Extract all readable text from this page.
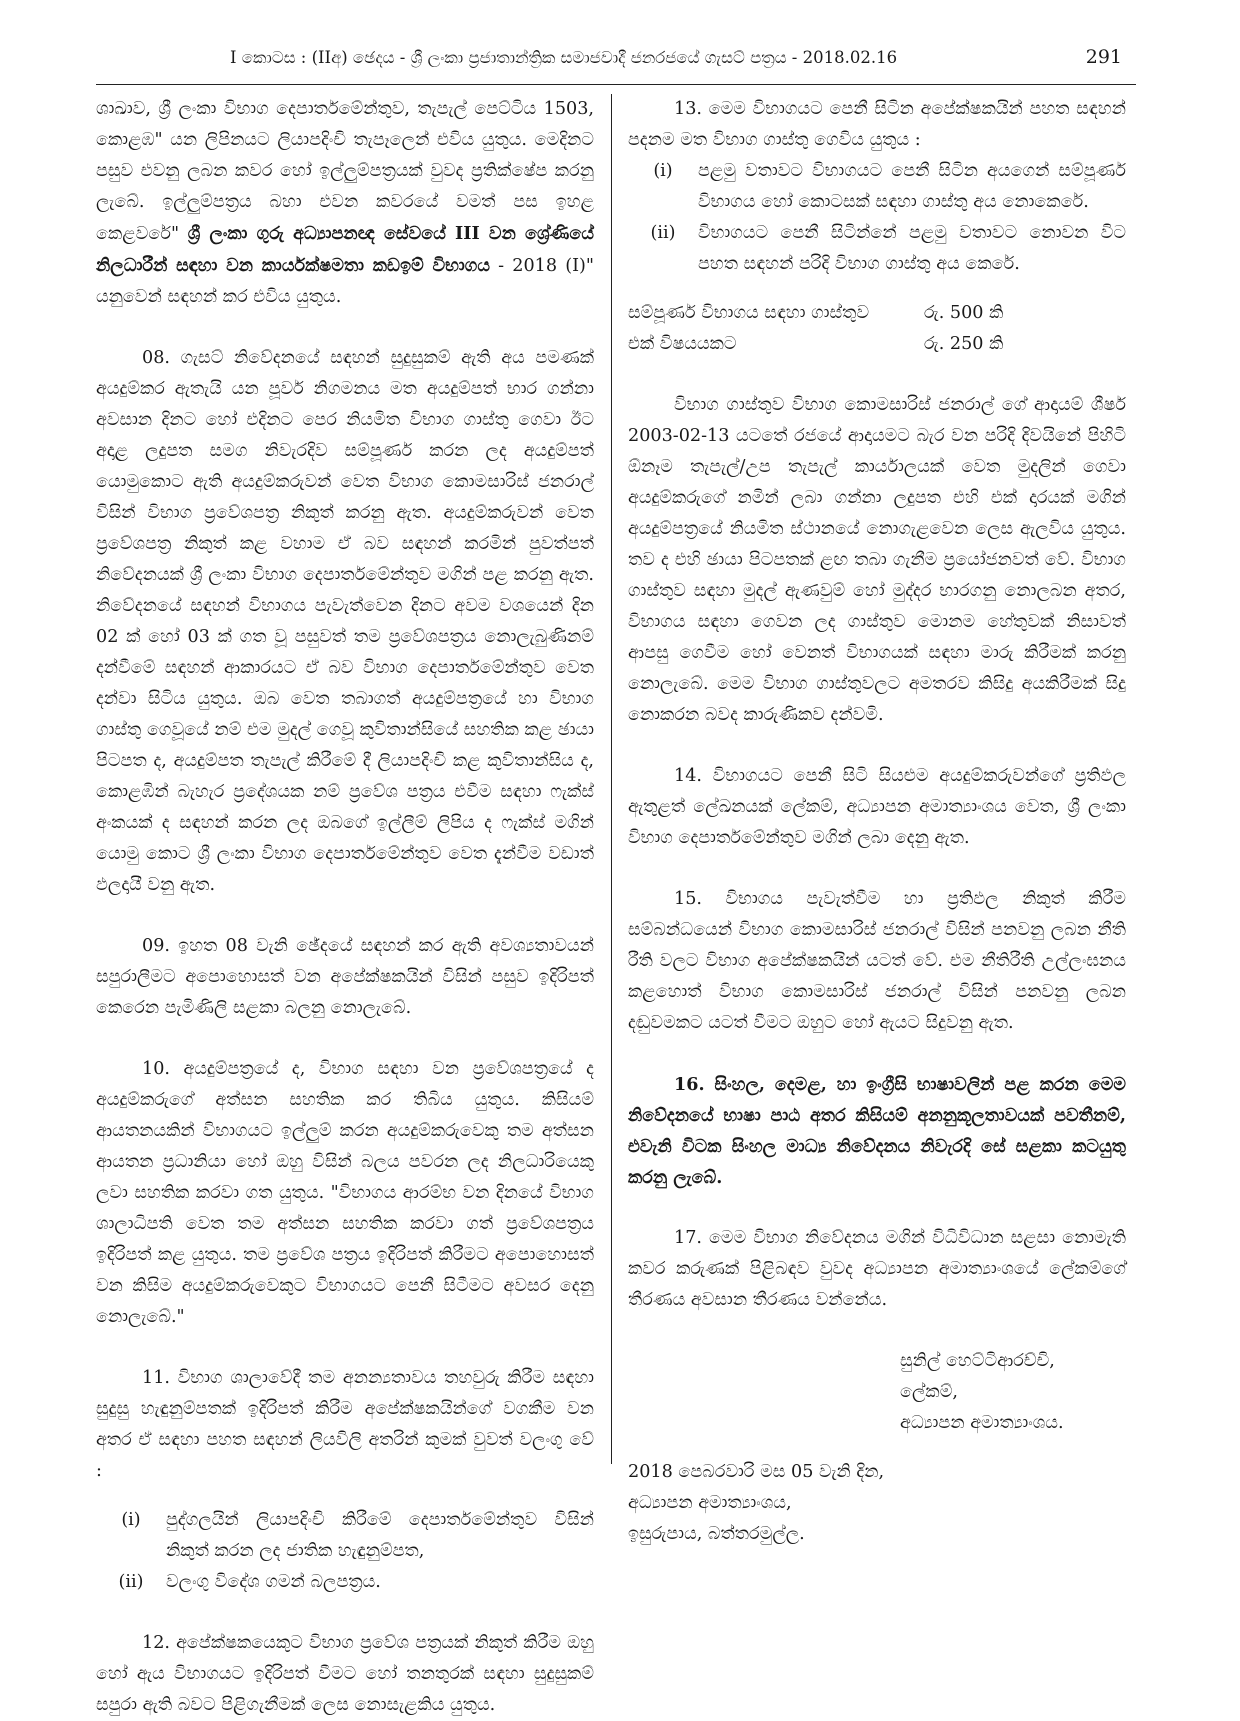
I කොටස : (IIඅ) ඡෙදය - ශ්‍රී ලංකා ප්‍රජාතාන්ත්‍රික සමාජවාදී ජනරජයේ ගැසට් පත්‍රය - 2018.02.16	291

ශාඛාව, ශ්‍රී ලංකා විභාග දෙපාර්තමේන්තුව, තැපැල් පෙට්ටිය 1503, කොළඹ" යන ලිපිනයට ලියාපදිංචි තැපෑලෙන් එවිය යුතුය. මෙදිනට පසුව එවනු ලබන කවර හෝ ඉල්ලුම්පත්‍රයක් වුවද ප්‍රතික්ෂේප කරනු ලැබේ. ඉල්ලුම්පත්‍රය බහා එවන කවරයේ වමත් පස ඉහළ කෙළවරේ" ශ්‍රී ලංකා ගුරු අධ්‍යාපනඥ සේවයේ III වන ශ්‍රේණියේ නිලධාරීන් සඳහා වන කාර්යක්ෂමතා කඩඉම් විභාගය - 2018 (I)" යනුවෙන් සඳහන් කර එවිය යුතුය.

08. ගැසට් නිවේදනයේ සඳහන් සුදුසුකම් ඇති අය පමණක් අයදුම්කර ඇතැයි යන පූර්ව නිගමනය මත අයදුම්පත් භාර ගන්නා අවසාන දිනට හෝ එදිනට පෙර නියමිත විභාග ගාස්තු ගෙවා ඊට අදාළ ලදුපත සමග නිවැරදිව සම්පූර්ණ කරන ලද අයදුම්පත් යොමුකොට ඇති අයදුම්කරුවන් වෙත විභාග කොමසාරිස් ජනරාල් විසින් විභාග ප්‍රවේශපත්‍ර නිකුත් කරනු ඇත. අයදුම්කරුවන් වෙත ප්‍රවේශපත්‍ර නිකුත් කළ වහාම ඒ බව සඳහන් කරමින් පුවත්පත් නිවේදනයක් ශ්‍රී ලංකා විභාග දෙපාර්තමේන්තුව මගින් පළ කරනු ඇත. නිවේදනයේ සඳහන් විභාගය පැවැත්වෙන දිනට අවම වශයෙන් දින 02 ක් හෝ 03 ක් ගත වූ පසුවත් තම ප්‍රවේශපත්‍රය නොලැබුණිනම් දන්වීමේ සඳහන් ආකාරයට ඒ බව විභාග දෙපාර්තමේන්තුව වෙත දන්වා සිටිය යුතුය. ඔබ වෙත තබාගත් අයදුම්පත්‍රයේ හා විභාග ගාස්තු ගෙවූයේ නම් එම මුදල් ගෙවූ කුවිතාන්සියේ සහතික කළ ඡායා පිටපත ද, අයදුම්පත තැපැල් කිරීමේ දී ලියාපදිංචි කළ කුවිතාන්සිය ද, කොළඹින් බැහැර ප්‍රදේශයක නම් ප්‍රවේශ පත්‍රය එවීම සඳහා ෆැක්ස් අංකයක් ද සඳහන් කරන ලද ඔබගේ ඉල්ලීම් ලිපිය ද ෆැක්ස් මගින් යොමු කොට ශ්‍රී ලංකා විභාග දෙපාර්තමේන්තුව වෙත දැන්වීම වඩාත් ඵලදායී වනු ඇත.

09. ඉහත 08 වැනි ඡේදයේ සඳහන් කර ඇති අවශ්‍යතාවයන් සපුරාලීමට අපොහොසත් වන අපේක්ෂකයින් විසින් පසුව ඉදිරිපත් කෙරෙන පැමිණිලි සළකා බලනු නොලැබේ.

10. අයදුම්පත්‍රයේ ද, විභාග සඳහා වන ප්‍රවේශපත්‍රයේ ද අයදුම්කරුගේ අත්සන සහතික කර තිබිය යුතුය. කිසියම් ආයතනයකින් විභාගයට ඉල්ලුම් කරන අයදුම්කරුවෙකු තම අත්සන ආයතන ප්‍රධානියා හෝ ඔහු විසින් බලය පවරන ලද නිලධාරියෙකු ලවා සහතික කරවා ගත යුතුය. "විභාගය ආරම්භ වන දිනයේ විභාග ශාලාධිපති වෙත තම අත්සන සහතික කරවා ගත් ප්‍රවේශපත්‍රය ඉදිරිපත් කළ යුතුය. තම ප්‍රවේශ පත්‍රය ඉදිරිපත් කිරීමට අපොහොසත් වන කිසිම අයදුම්කරුවෙකුට විභාගයට පෙනී සිටීමට අවසර දෙනු නොලැබේ."

11. විභාග ශාලාවේදී තම අනන්‍යතාවය තහවුරු කිරීම සඳහා සුදුසු හැඳුනුම්පතක් ඉදිරිපත් කිරීම අපේක්ෂකයින්ගේ වගකීම වන අතර ඒ සඳහා පහත සඳහන් ලියවිලි අතරින් කුමක් වුවත් වලංගු වේ :

(i)	පුද්ගලයින් ලියාපදිංචි කිරීමේ දෙපාර්තමේන්තුව විසින් නිකුත් කරන ලද ජාතික හැඳුනුම්පත,
(ii)	වලංගු විදේශ ගමන් බලපත්‍රය.

12. අපේක්ෂකයෙකුට විභාග ප්‍රවේශ පත්‍රයක් නිකුත් කිරීම ඔහු හෝ ඇය විභාගයට ඉදිරිපත් වීමට හෝ තනතුරක් සඳහා සුදුසුකම් සපුරා ඇති බවට පිළිගැනීමක් ලෙස නොසැළකිය යුතුය.

13. මෙම විභාගයට පෙනී සිටින අපේක්ෂකයින් පහත සඳහන් පදනම මත විභාග ගාස්තු ගෙවිය යුතුය :

(i)	පළමු වතාවට විභාගයට පෙනී සිටින අයගෙන් සම්පූර්ණ විභාගය හෝ කොටසක් සඳහා ගාස්තු අය නොකෙරේ.
(ii)	විභාගයට පෙනී සිටින්නේ පළමු වතාවට නොවන විට පහත සඳහන් පරිදි විභාග ගාස්තු අය කෙරේ.
සම්පූර්ණ විභාගය සඳහා ගාස්තුව	රු. 500 කි
එක් විෂයයකට	රු. 250 කි

විභාග ගාස්තුව විභාග කොමසාරිස් ජනරාල් ගේ ආදායම් ශීර්ෂ 2003-02-13 යටතේ රජයේ ආදායමට බැර වන පරිදි දිවයිනේ පිහිටි ඕනෑම තැපැල්/උප තැපැල් කාර්යාලයක් වෙත මුදලින් ගෙවා අයදුම්කරුගේ නමින් ලබා ගන්නා ලදුපත එහි එක් දාරයක් මගින් අයදුම්පත්‍රයේ නියමිත ස්ථානයේ නොගැළවෙන ලෙස ඇලවිය යුතුය. තව ද එහි ඡායා පිටපතක් ළඟ තබා ගැනීම ප්‍රයෝජනවත් වේ. විභාග ගාස්තුව සඳහා මුදල් ඇණවුම් හෝ මුද්දර භාරගනු නොලබන අතර, විභාගය සඳහා ගෙවන ලද ගාස්තුව මොනම හේතුවක් නිසාවත් ආපසු ගෙවීම හෝ වෙනත් විභාගයක් සඳහා මාරු කිරීමක් කරනු නොලැබේ. මෙම විභාග ගාස්තුවලට අමතරව කිසිදු අයකිරීමක් සිදු නොකරන බවද කාරුණිකව දන්වමි.

14. විභාගයට පෙනී සිටි සියළුම අයදුම්කරුවන්ගේ ප්‍රතිඵල ඇතුළත් ලේඛනයක් ලේකම්, අධ්‍යාපන අමාත්‍යාංශය වෙත, ශ්‍රී ලංකා විභාග දෙපාර්තමේන්තුව මගින් ලබා දෙනු ඇත.

15. විභාගය පැවැත්වීම හා ප්‍රතිඵල නිකුත් කිරීම සම්බන්ධයෙන් විභාග කොමසාරිස් ජනරාල් විසින් පනවනු ලබන නීති රීති වලට විභාග අපේක්ෂකයින් යටත් වේ. එම නීතිරීති උල්ලංඝනය කළහොත් විභාග කොමසාරිස් ජනරාල් විසින් පනවනු ලබන දඬුවමකට යටත් වීමට ඔහුට හෝ ඇයට සිදුවනු ඇත.

16. සිංහල, දෙමළ, හා ඉංග්‍රීසි භාෂාවලින් පළ කරන මෙම නිවේදනයේ භාෂා පාඨ අතර කිසියම් අනනුකූලතාවයක් පවතීනම්, එවැනි විටක සිංහල මාධ්‍ය නිවේදනය නිවැරදි සේ සළකා කටයුතු කරනු ලැබේ.

17. මෙම විභාග නිවේදනය මගින් විධිවිධාන සළසා නොමැති කවර කරුණක් පිළිබඳව වුවද අධ්‍යාපන අමාත්‍යාංශයේ ලේකම්ගේ තීරණය අවසාන තීරණය වන්නේය.

සුනිල් හෙට්ටිආරච්චි,
ලේකම්,
අධ්‍යාපන අමාත්‍යාංශය.
2018 පෙබරවාරි මස 05 වැනි දින,
අධ්‍යාපන අමාත්‍යාංශය,
ඉසුරුපාය, බත්තරමුල්ල.
